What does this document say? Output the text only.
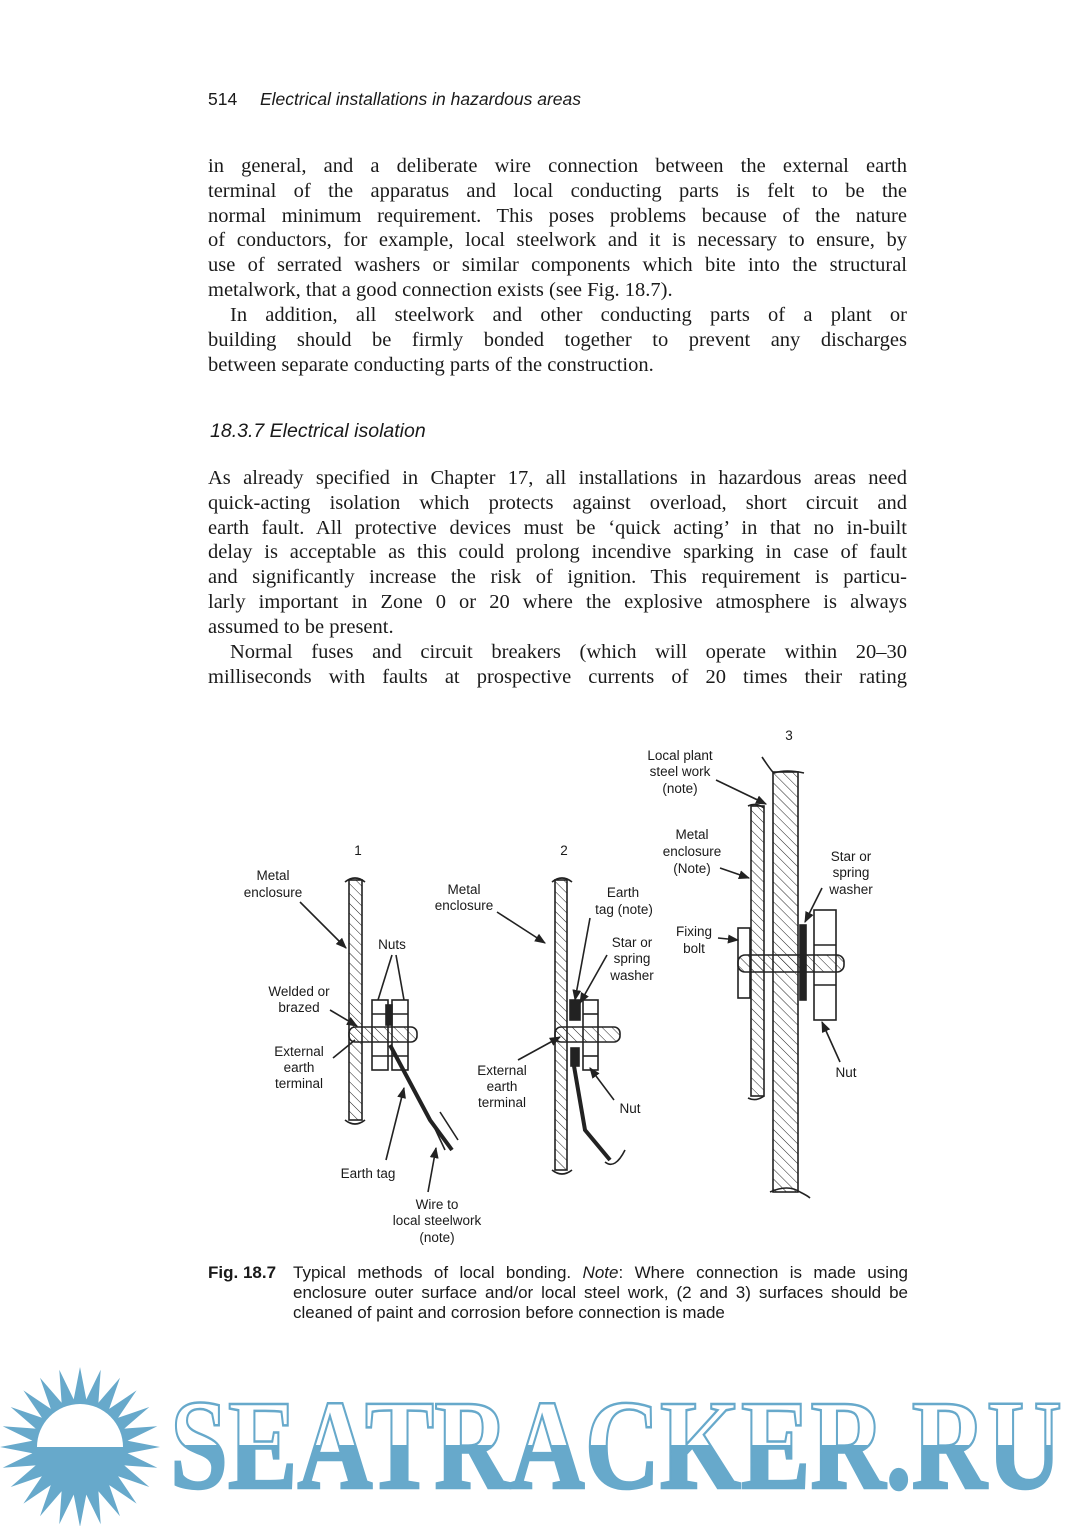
514 Electrical installations in hazardous areas
in general, and a deliberate wire connection between the external earth
terminal of the apparatus and local conducting parts is felt to be the
normal minimum requirement. This poses problems because of the nature
of conductors, for example, local steelwork and it is necessary to ensure, by
use of serrated washers or similar components which bite into the structural
metalwork, that a good connection exists (see Fig. 18.7).
In addition, all steelwork and other conducting parts of a plant or
building should be firmly bonded together to prevent any discharges
between separate conducting parts of the construction.
18.3.7 Electrical isolation
As already specified in Chapter 17, all installations in hazardous areas need
quick-acting isolation which protects against overload, short circuit and
earth fault. All protective devices must be ‘quick acting’ in that no in-built
delay is acceptable as this could prolong incendive sparking in case of fault
and significantly increase the risk of ignition. This requirement is particu-
larly important in Zone 0 or 20 where the explosive atmosphere is always
assumed to be present.
Normal fuses and circuit breakers (which will operate within 20–30
milliseconds with faults at prospective currents of 20 times their rating
1	2
3
Metal
enclosure
Nuts
Welded or
brazed
External
earth
terminal
Earth tag
Wire to
local steelwork
(note)
Metal
enclosure
Earth
tag (note)
Star or
spring
washer
External
earth
terminal	Nut
Local plant
steel work
(note)
Metal
enclosure
(Note)
Star or
spring
washer
Fixing
bolt
Nut
Fig. 18.7 Typical methods of local bonding. Note: Where connection is made using enclosure outer surface and/or local steel work, (2 and 3) surfaces should be cleaned of paint and corrosion before connection is made
SEATRACKER.RU
